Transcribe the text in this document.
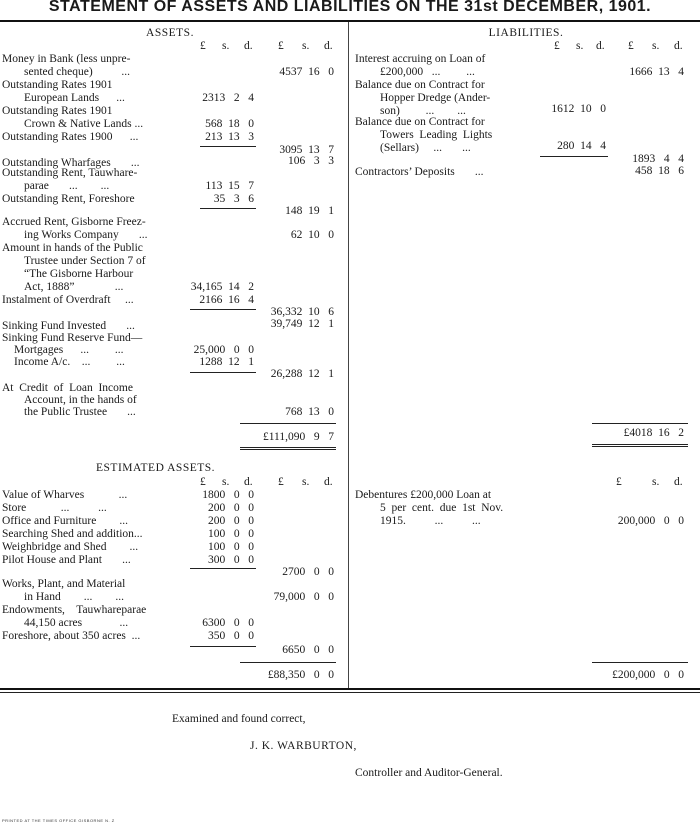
STATEMENT OF ASSETS AND LIABILITIES ON THE 31st DECEMBER, 1901.
ASSETS.
£ s. d. £ s. d.
Money in Bank (less unpre-
sented cheque)          ...	4537  16   0
Outstanding Rates 1901
European Lands      ...	2313   2   4
Outstanding Rates 1901
Crown & Native Lands ...	568  18   0
Outstanding Rates 1900      ...	213  13   3
3095  13   7
Outstanding Wharfages       ...	106   3   3
Outstanding Rent, Tauwhare-
parae       ...        ...	113  15   7
Outstanding Rent, Foreshore	35   3   6
148  19   1
Accrued Rent, Gisborne Freez-
ing Works Company       ...	62  10   0
Amount in hands of the Public
Trustee under Section 7 of
“The Gisborne Harbour
Act, 1888”              ...	34,165  14   2
Instalment of Overdraft     ...	2166  16   4
36,332  10   6
Sinking Fund Invested       ...	39,749  12   1
Sinking Fund Reserve Fund—
Mortgages      ...         ...	25,000   0   0
Income A/c.    ...         ...	1288  12   1
26,288  12   1
At  Credit  of  Loan  Income
Account, in the hands of
the Public Trustee       ...	768  13   0
£111,090   9   7
LIABILITIES.
£ s. d. £ s. d.
Interest accruing on Loan of
£200,000   ...         ...	1666  13   4
Balance due on Contract for
Hopper Dredge (Ander-
son)         ...        ...	1612  10   0
Balance due on Contract for
Towers  Leading  Lights
(Sellars)     ...       ...	280  14   4
1893   4   4
Contractors’ Deposits       ...	458  18   6
£4018  16   2
ESTIMATED ASSETS.
£ s. d. £ s. d.
Value of Wharves            ...	1800   0   0
Store            ...          ...	200   0   0
Office and Furniture        ...	200   0   0
Searching Shed and addition...	100   0   0
Weighbridge and Shed        ...	100   0   0
Pilot House and Plant       ...	300   0   0
2700   0   0
Works, Plant, and Material
in Hand        ...        ...	79,000   0   0
Endowments,    Tauwhareparae
44,150 acres             ...	6300   0   0
Foreshore, about 350 acres  ...	350   0   0
6650   0   0
£88,350   0   0
£	s. d.
Debentures £200,000 Loan at
5  per  cent.  due  1st  Nov.
1915.          ...          ...	200,000   0   0
£200,000   0   0
Examined and found correct,
J. K. WARBURTON,
Controller and Auditor-General.
PRINTED AT THE TIMES OFFICE GISBORNE N. Z
